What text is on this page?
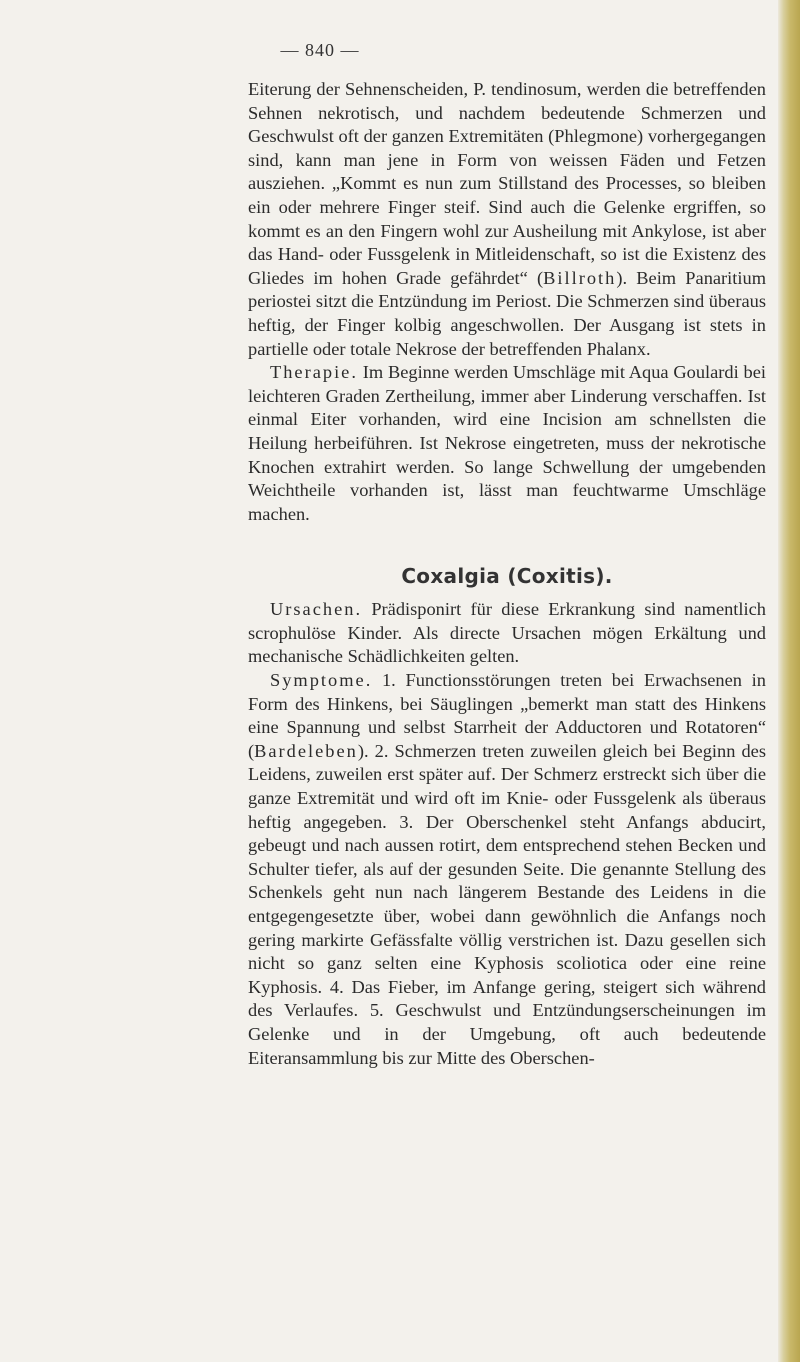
— 840 —

Eiterung der Sehnenscheiden, P. tendinosum, werden die betreffenden Sehnen nekrotisch, und nachdem bedeutende Schmerzen und Geschwulst oft der ganzen Extremitäten (Phlegmone) vorhergegangen sind, kann man jene in Form von weissen Fäden und Fetzen ausziehen. „Kommt es nun zum Stillstand des Processes, so bleiben ein oder mehrere Finger steif. Sind auch die Gelenke ergriffen, so kommt es an den Fingern wohl zur Ausheilung mit Ankylose, ist aber das Hand- oder Fussgelenk in Mitleidenschaft, so ist die Existenz des Gliedes im hohen Grade gefährdet“ (Billroth). Beim Panaritium periostei sitzt die Entzündung im Periost. Die Schmerzen sind überaus heftig, der Finger kolbig angeschwollen. Der Ausgang ist stets in partielle oder totale Nekrose der betreffenden Phalanx.

Therapie. Im Beginne werden Umschläge mit Aqua Goulardi bei leichteren Graden Zertheilung, immer aber Linderung verschaffen. Ist einmal Eiter vorhanden, wird eine Incision am schnellsten die Heilung herbeiführen. Ist Nekrose eingetreten, muss der nekrotische Knochen extrahirt werden. So lange Schwellung der umgebenden Weichtheile vorhanden ist, lässt man feuchtwarme Umschläge machen.

Coxalgia (Coxitis).

Ursachen. Prädisponirt für diese Erkrankung sind namentlich scrophulöse Kinder. Als directe Ursachen mögen Erkältung und mechanische Schädlichkeiten gelten.

Symptome. 1. Functionsstörungen treten bei Erwachsenen in Form des Hinkens, bei Säuglingen „bemerkt man statt des Hinkens eine Spannung und selbst Starrheit der Adductoren und Rotatoren“ (Bardeleben). 2. Schmerzen treten zuweilen gleich bei Beginn des Leidens, zuweilen erst später auf. Der Schmerz erstreckt sich über die ganze Extremität und wird oft im Knie- oder Fussgelenk als überaus heftig angegeben. 3. Der Oberschenkel steht Anfangs abducirt, gebeugt und nach aussen rotirt, dem entsprechend stehen Becken und Schulter tiefer, als auf der gesunden Seite. Die genannte Stellung des Schenkels geht nun nach längerem Bestande des Leidens in die entgegengesetzte über, wobei dann gewöhnlich die Anfangs noch gering markirte Gefässfalte völlig verstrichen ist. Dazu gesellen sich nicht so ganz selten eine Kyphosis scoliotica oder eine reine Kyphosis. 4. Das Fieber, im Anfange gering, steigert sich während des Verlaufes. 5. Geschwulst und Entzündungserscheinungen im Gelenke und in der Umgebung, oft auch bedeutende Eiteransammlung bis zur Mitte des Oberschen-
